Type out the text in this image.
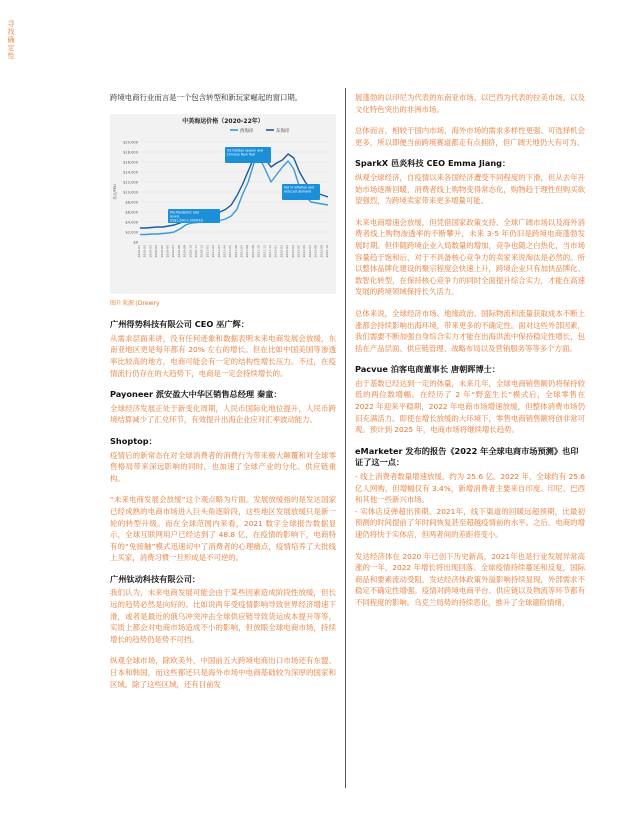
寻找确定性

跨境电商行业而言是一个包含转型和新玩家崛起的窗口期。

中美海运价格（2020-22年）
西海岸	东海岸
$0
$2,000
$4,000
$6,000
$8,000
$10,000
$12,000
$14,000
$16,000
$18,000
$20,000
美元/FEU
2020-01 2020-02 2020-03 2020-04 2020-05 2020-06 2020-07 2020-08 2020-09 2020-10 2020-11 2020-12 2021-01 2021-02 2021-03 2021-04 2021-05 2021-06 2021-07 2021-08 2021-09 2021-10 2021-11 2021-12 2022-01 2022-02 2022-03 2022-04 2022-05 2022-06 2022-07 2022-08 2022-09 2022-10
Pre-Pandemic rate levels US$1,500-2,000/FEU
US holiday season and Chinese New Year
Fall in inflation and reduced demand
图片来源 |Drewry
广州得势科技有限公司 CEO 巫广辉：

从需求层面来讲，没有任何迹象和数据表明未来电商发展会放缓，东南亚地区更是每年都有 20% 左右的增长。但在比如中国美国等渗透率比较高的地方，电商可能会有一定的结构性增长压力。不过，在疫情流行仍存在的大趋势下，电商是一定会持续增长的。

Payoneer 派安盈大中华区销售总经理 秦童：

全球经济发展正处于新变化周期，人民币国际化地位提升，人民币跨境结算减少了汇兑环节，有效提升出海企业应对汇率波动能力。

Shoptop：

疫情后的新常态在对全球消费者的消费行为带来极大颠覆和对全球零售格局带来深远影响的同时，也加速了全球产业的分化、供应链重构。

“未来电商发展会放缓”这个观点略为片面。发展放缓指的是发达国家已经成熟的电商市场进入巨头角逐阶段，这些地区发展放缓只是新一轮的转型升级。而在全球范围内来看，2021 数字全球报告数据显示，全球互联网用户已经达到了 48.8 亿，在疫情的影响下，电商特有的“免接触”模式迅速切中了消费者的心理痛点，疫情培养了大批线上买家，消费习惯一旦形成是不可逆的。

广州钛动科技有限公司：

我们认为，未来电商发展可能会由于某些因素造成阶段性放缓，但长远的趋势必然是向好的。比如说两年受疫情影响导致世界经济增速下滑，或者是最近的俄乌冲突冲击全球供应链导致货运成本提升等等，实质上都会对电商市场造成不小的影响，但放眼全球电商市场，持续增长的趋势仍是势不可挡。

纵观全球市场，除欧美外，中国前五大跨境电商出口市场还有东盟、日本和韩国，而这些都还只是海外市场中电商基础较为深厚的国家和区域。除了这些区域，还有目前发

展蓬勃的以印尼为代表的东南亚市场、以巴西为代表的拉美市场，以及文化特色突出的非洲市场。

总体而言，相较于国内市场，海外市场的需求多样性更强、可选择机会更多，所以即便当前跨境赛道都走有点拥挤，但广阔天地仍大有可为。

SparkX 邑炎科技 CEO Emma Jiang：

纵观全球经济，自疫情以来各国经济遭受不同程度的下滑，但从去年开始市场逐渐回暖，消费者线上购物变得常态化，购物趋于理性但购买欲望强烈，为跨境卖家带来更多增量可能。

未来电商增速会放缓，但凭借国家政策支持、全球广阔市场以及海外消费者线上购物渗透率的不断攀升，未来 3-5 年仍旧是跨境电商蓬勃发展时期。但伴随跨境企业入局数量的增加，竞争也随之白热化，当市场容量趋于饱和后，对于不具备核心竞争力的卖家来说淘汰是必然的。所以整体品牌化建设的聚宗程度会快速上升，跨境企业只有加快品牌化、数智化转型，在保持核心竞争力的同时全面提升综合实力，才能在高速发展的跨境领域保持长久活力。

总体来说，全球经济市场、地缘政治、国际物流和流量获取成本不断上涨都会持续影响出海环境，带来更多的不确定性。面对这些外部因素，我们需要不断加强自身综合实力才能在出海洪流中保持稳定性增长，包括在产品层面、供应链管理、战略布局以及营销服务等等多个方面。

Pacvue 泊客电商董事长 唐朝晖博士：

由于基数已经达到一定的体量，未来几年，全球电商销售额仍将保持较低的两位数增幅。在经历了 2 年“野蛮生长”模式后，全球零售在 2022 年迎来平稳期，2022 年电商市场增速放缓，但整体消费市场仍旧充满活力。即使在增长放缓的大环境下，零售电商销售额将创非常可观。预计到 2025 年，电商市场将继续增长趋势。

eMarketer 发布的报告《2022 年全球电商市场预测》也印证了这一点：

- 线上消费者数量增速放缓，约为 25.6 亿。2022 年，全球约有 25.6 亿人网购，但增幅仅有 3.4%，新增消费者主要来自印度、印尼、巴西和其他一些新兴市场。
- 实体店反弹超出预期。2021年，线下渠道的回暖远超预期，比最初预测的时间提前了年时间恢复甚至超越疫情前的水平。之后，电商的增速仍将快于实体店，但两者间的差距将变小。

发达经济体在 2020 年已创下历史新高，2021年也是行业发展异常高涨的一年，2022 年增长将出现回落。全球疫情持续蔓延和反复，国际商品和要素流动受阻，发达经济体政策外溢影响持续显现，外部需求不稳定不确定性增强。疫情对跨境电商平台、供应链以及物流等环节都有不同程度的影响。乌克兰局势的持续恶化，推升了全球避险情绪，
